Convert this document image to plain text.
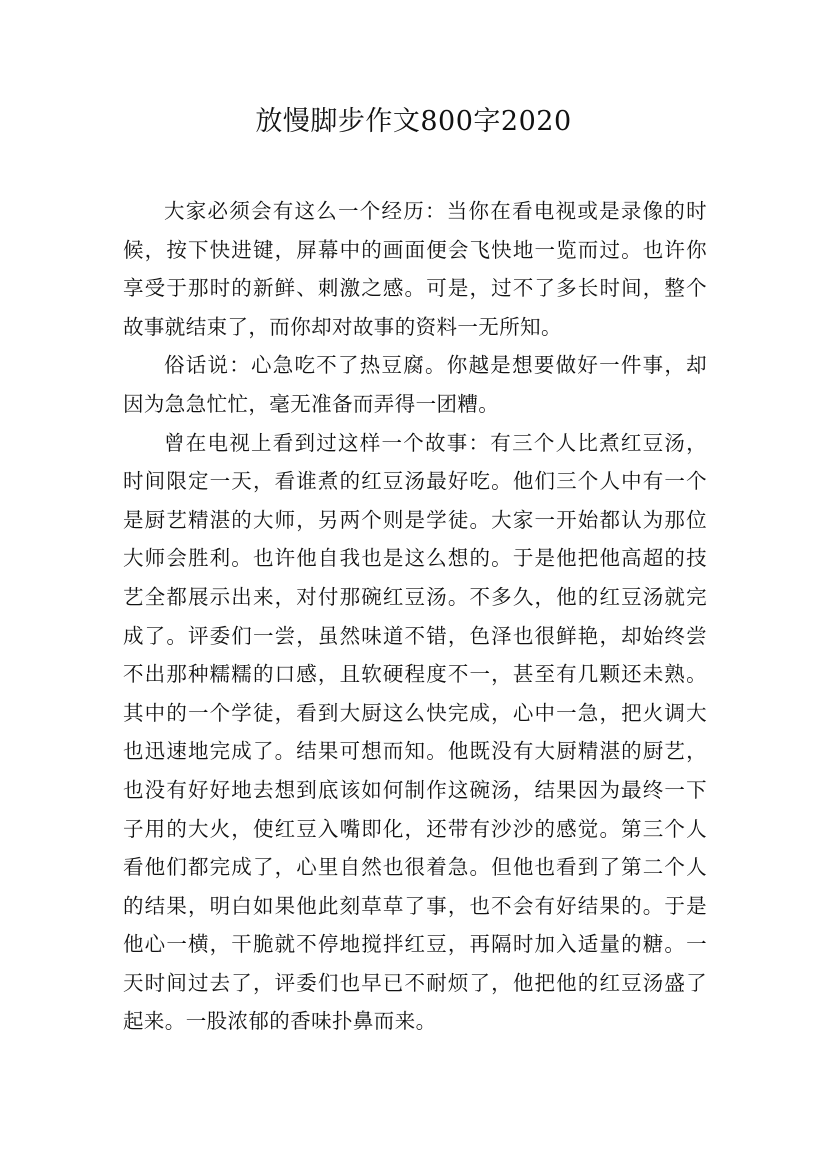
放慢脚步作文800字2020

大家必须会有这么一个经历：当你在看电视或是录像的时候，按下快进键，屏幕中的画面便会飞快地一览而过。也许你享受于那时的新鲜、刺激之感。可是，过不了多长时间，整个故事就结束了，而你却对故事的资料一无所知。

俗话说：心急吃不了热豆腐。你越是想要做好一件事，却因为急急忙忙，毫无准备而弄得一团糟。

曾在电视上看到过这样一个故事：有三个人比煮红豆汤，时间限定一天，看谁煮的红豆汤最好吃。他们三个人中有一个是厨艺精湛的大师，另两个则是学徒。大家一开始都认为那位大师会胜利。也许他自我也是这么想的。于是他把他高超的技艺全都展示出来，对付那碗红豆汤。不多久，他的红豆汤就完成了。评委们一尝，虽然味道不错，色泽也很鲜艳，却始终尝不出那种糯糯的口感，且软硬程度不一，甚至有几颗还未熟。其中的一个学徒，看到大厨这么快完成，心中一急，把火调大也迅速地完成了。结果可想而知。他既没有大厨精湛的厨艺，也没有好好地去想到底该如何制作这碗汤，结果因为最终一下子用的大火，使红豆入嘴即化，还带有沙沙的感觉。第三个人看他们都完成了，心里自然也很着急。但他也看到了第二个人的结果，明白如果他此刻草草了事，也不会有好结果的。于是他心一横，干脆就不停地搅拌红豆，再隔时加入适量的糖。一天时间过去了，评委们也早已不耐烦了，他把他的红豆汤盛了起来。一股浓郁的香味扑鼻而来。
